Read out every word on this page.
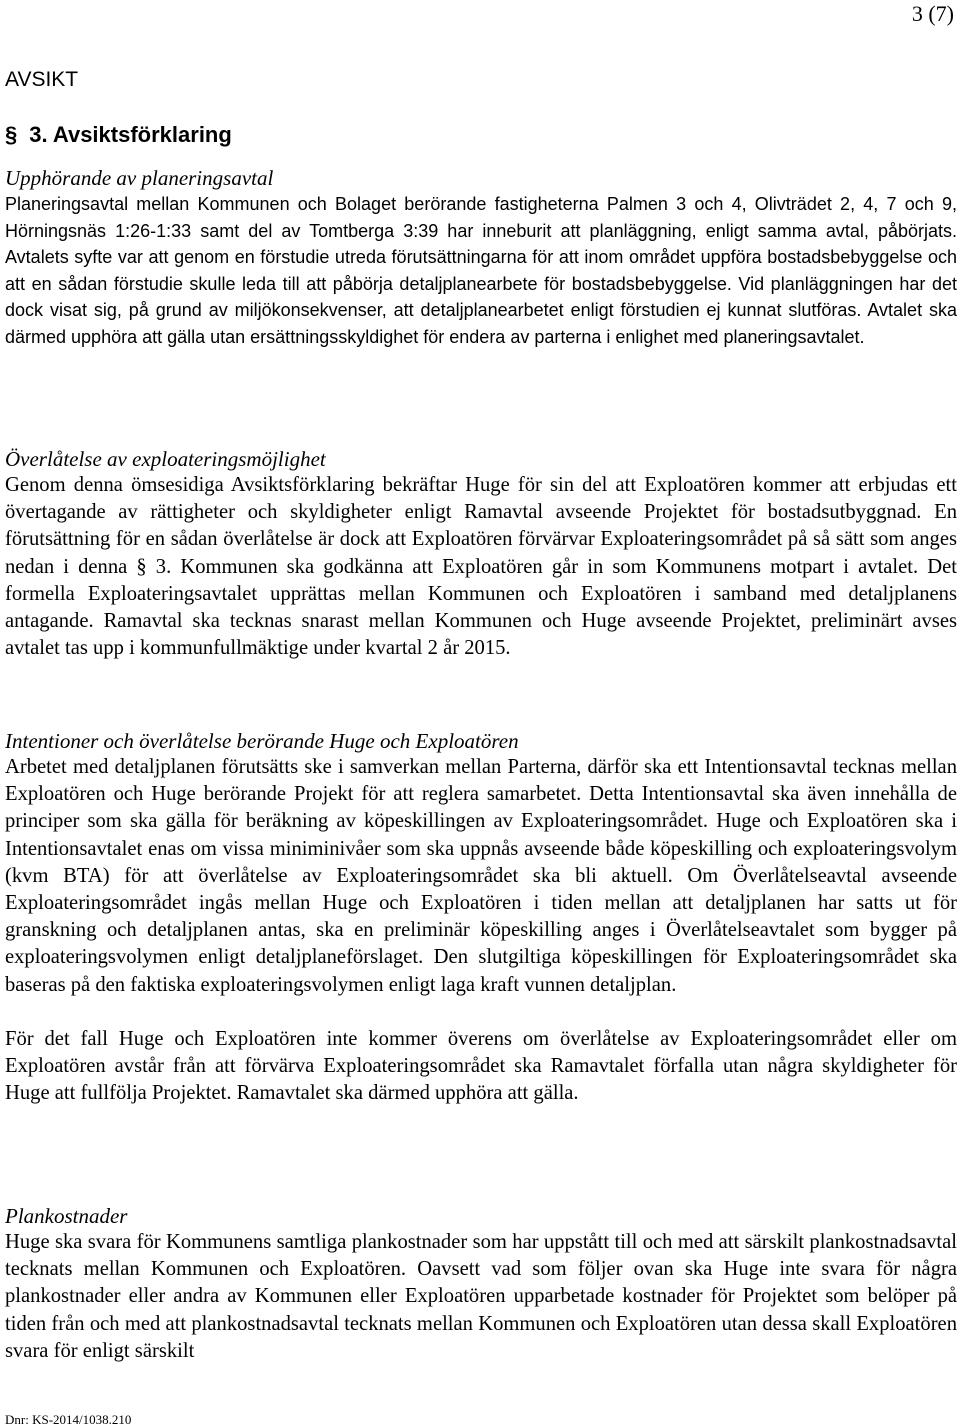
3 (7)
AVSIKT
§ 3. Avsiktsförklaring

Upphörande av planeringsavtal

Planeringsavtal mellan Kommunen och Bolaget berörande fastigheterna Palmen 3 och 4, Olivträdet 2, 4, 7 och 9, Hörningsnäs 1:26-1:33 samt del av Tomtberga 3:39 har inneburit att planläggning, enligt samma avtal, påbörjats. Avtalets syfte var att genom en förstudie utreda förutsättningarna för att inom området uppföra bostadsbebyggelse och att en sådan förstudie skulle leda till att påbörja detaljplanearbete för bostadsbebyggelse. Vid planläggningen har det dock visat sig, på grund av miljökonsekvenser, att detaljplanearbetet enligt förstudien ej kunnat slutföras. Avtalet ska därmed upphöra att gälla utan ersättningsskyldighet för endera av parterna i enlighet med planeringsavtalet.

Överlåtelse av exploateringsmöjlighet

Genom denna ömsesidiga Avsiktsförklaring bekräftar Huge för sin del att Exploatören kommer att erbjudas ett övertagande av rättigheter och skyldigheter enligt Ramavtal avseende Projektet för bostadsutbyggnad. En förutsättning för en sådan överlåtelse är dock att Exploatören förvärvar Exploateringsområdet på så sätt som anges nedan i denna § 3. Kommunen ska godkänna att Exploatören går in som Kommunens motpart i avtalet. Det formella Exploateringsavtalet upprättas mellan Kommunen och Exploatören i samband med detaljplanens antagande. Ramavtal ska tecknas snarast mellan Kommunen och Huge avseende Projektet, preliminärt avses avtalet tas upp i kommunfullmäktige under kvartal 2 år 2015.

Intentioner och överlåtelse berörande Huge och Exploatören

Arbetet med detaljplanen förutsätts ske i samverkan mellan Parterna, därför ska ett Intentionsavtal tecknas mellan Exploatören och Huge berörande Projekt för att reglera samarbetet. Detta Intentionsavtal ska även innehålla de principer som ska gälla för beräkning av köpeskillingen av Exploateringsområdet. Huge och Exploatören ska i Intentionsavtalet enas om vissa miniminivåer som ska uppnås avseende både köpeskilling och exploateringsvolym (kvm BTA) för att överlåtelse av Exploateringsområdet ska bli aktuell. Om Överlåtelseavtal avseende Exploateringsområdet ingås mellan Huge och Exploatören i tiden mellan att detaljplanen har satts ut för granskning och detaljplanen antas, ska en preliminär köpeskilling anges i Överlåtelseavtalet som bygger på exploateringsvolymen enligt detaljplaneförslaget. Den slutgiltiga köpeskillingen för Exploateringsområdet ska baseras på den faktiska exploateringsvolymen enligt laga kraft vunnen detaljplan.

För det fall Huge och Exploatören inte kommer överens om överlåtelse av Exploateringsområdet eller om Exploatören avstår från att förvärva Exploateringsområdet ska Ramavtalet förfalla utan några skyldigheter för Huge att fullfölja Projektet. Ramavtalet ska därmed upphöra att gälla.

Plankostnader

Huge ska svara för Kommunens samtliga plankostnader som har uppstått till och med att särskilt plankostnadsavtal tecknats mellan Kommunen och Exploatören. Oavsett vad som följer ovan ska Huge inte svara för några plankostnader eller andra av Kommunen eller Exploatören upparbetade kostnader för Projektet som belöper på tiden från och med att plankostnadsavtal tecknats mellan Kommunen och Exploatören utan dessa skall Exploatören svara för enligt särskilt

Dnr: KS-2014/1038.210
